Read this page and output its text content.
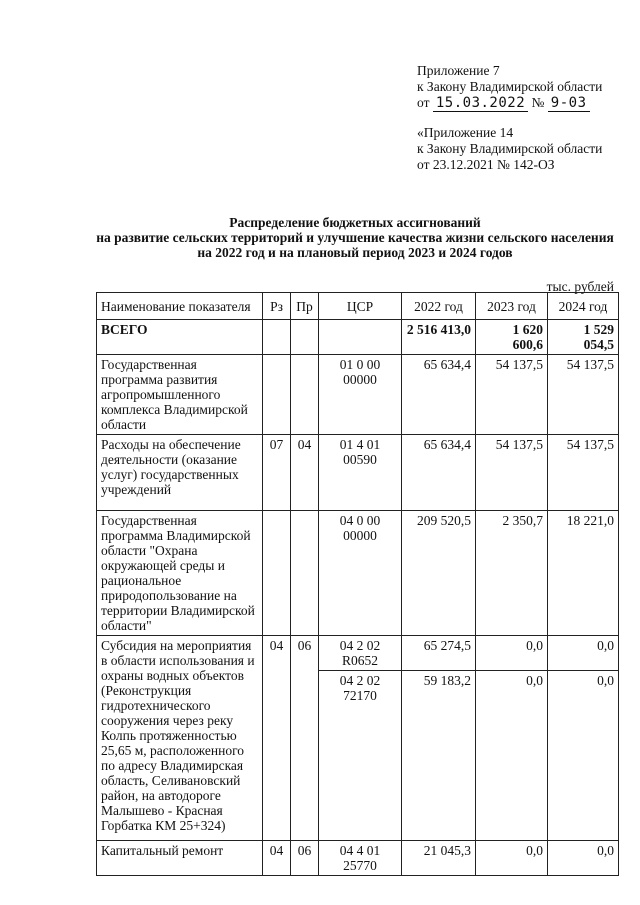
Приложение 7
к Закону Владимирской области
от 15.03.2022 № 9-03
«Приложение 14
к Закону Владимирской области
от 23.12.2021 № 142-ОЗ
Распределение бюджетных ассигнований
на развитие сельских территорий и улучшение качества жизни сельского населения
на 2022 год и на плановый период 2023 и 2024 годов
тыс. рублей
Наименование показателя	Рз	Пр	ЦСР	2022 год	2023 год	2024 год
ВСЕГО				2 516 413,0	1 620 600,6	1 529 054,5
Государственная программа развития агропромышленного комплекса Владимирской области			01 0 00 00000	65 634,4	54 137,5	54 137,5
Расходы на обеспечение деятельности (оказание услуг) государственных учреждений	07	04	01 4 01 00590	65 634,4	54 137,5	54 137,5
Государственная программа Владимирской области "Охрана окружающей среды и рациональное природопользование на территории Владимирской области"			04 0 00 00000	209 520,5	2 350,7	18 221,0
Субсидия на мероприятия в области использования и охраны водных объектов (Реконструкция гидротехнического сооружения через реку Колпь протяженностью 25,65 м, расположенного по адресу Владимирская область, Селивановский район, на автодороге Малышево - Красная Горбатка КМ 25+324)	04	06	04 2 02 R0652	65 274,5	0,0	0,0
			04 2 02 72170	59 183,2	0,0	0,0
Капитальный ремонт	04	06	04 4 01 25770	21 045,3	0,0	0,0
